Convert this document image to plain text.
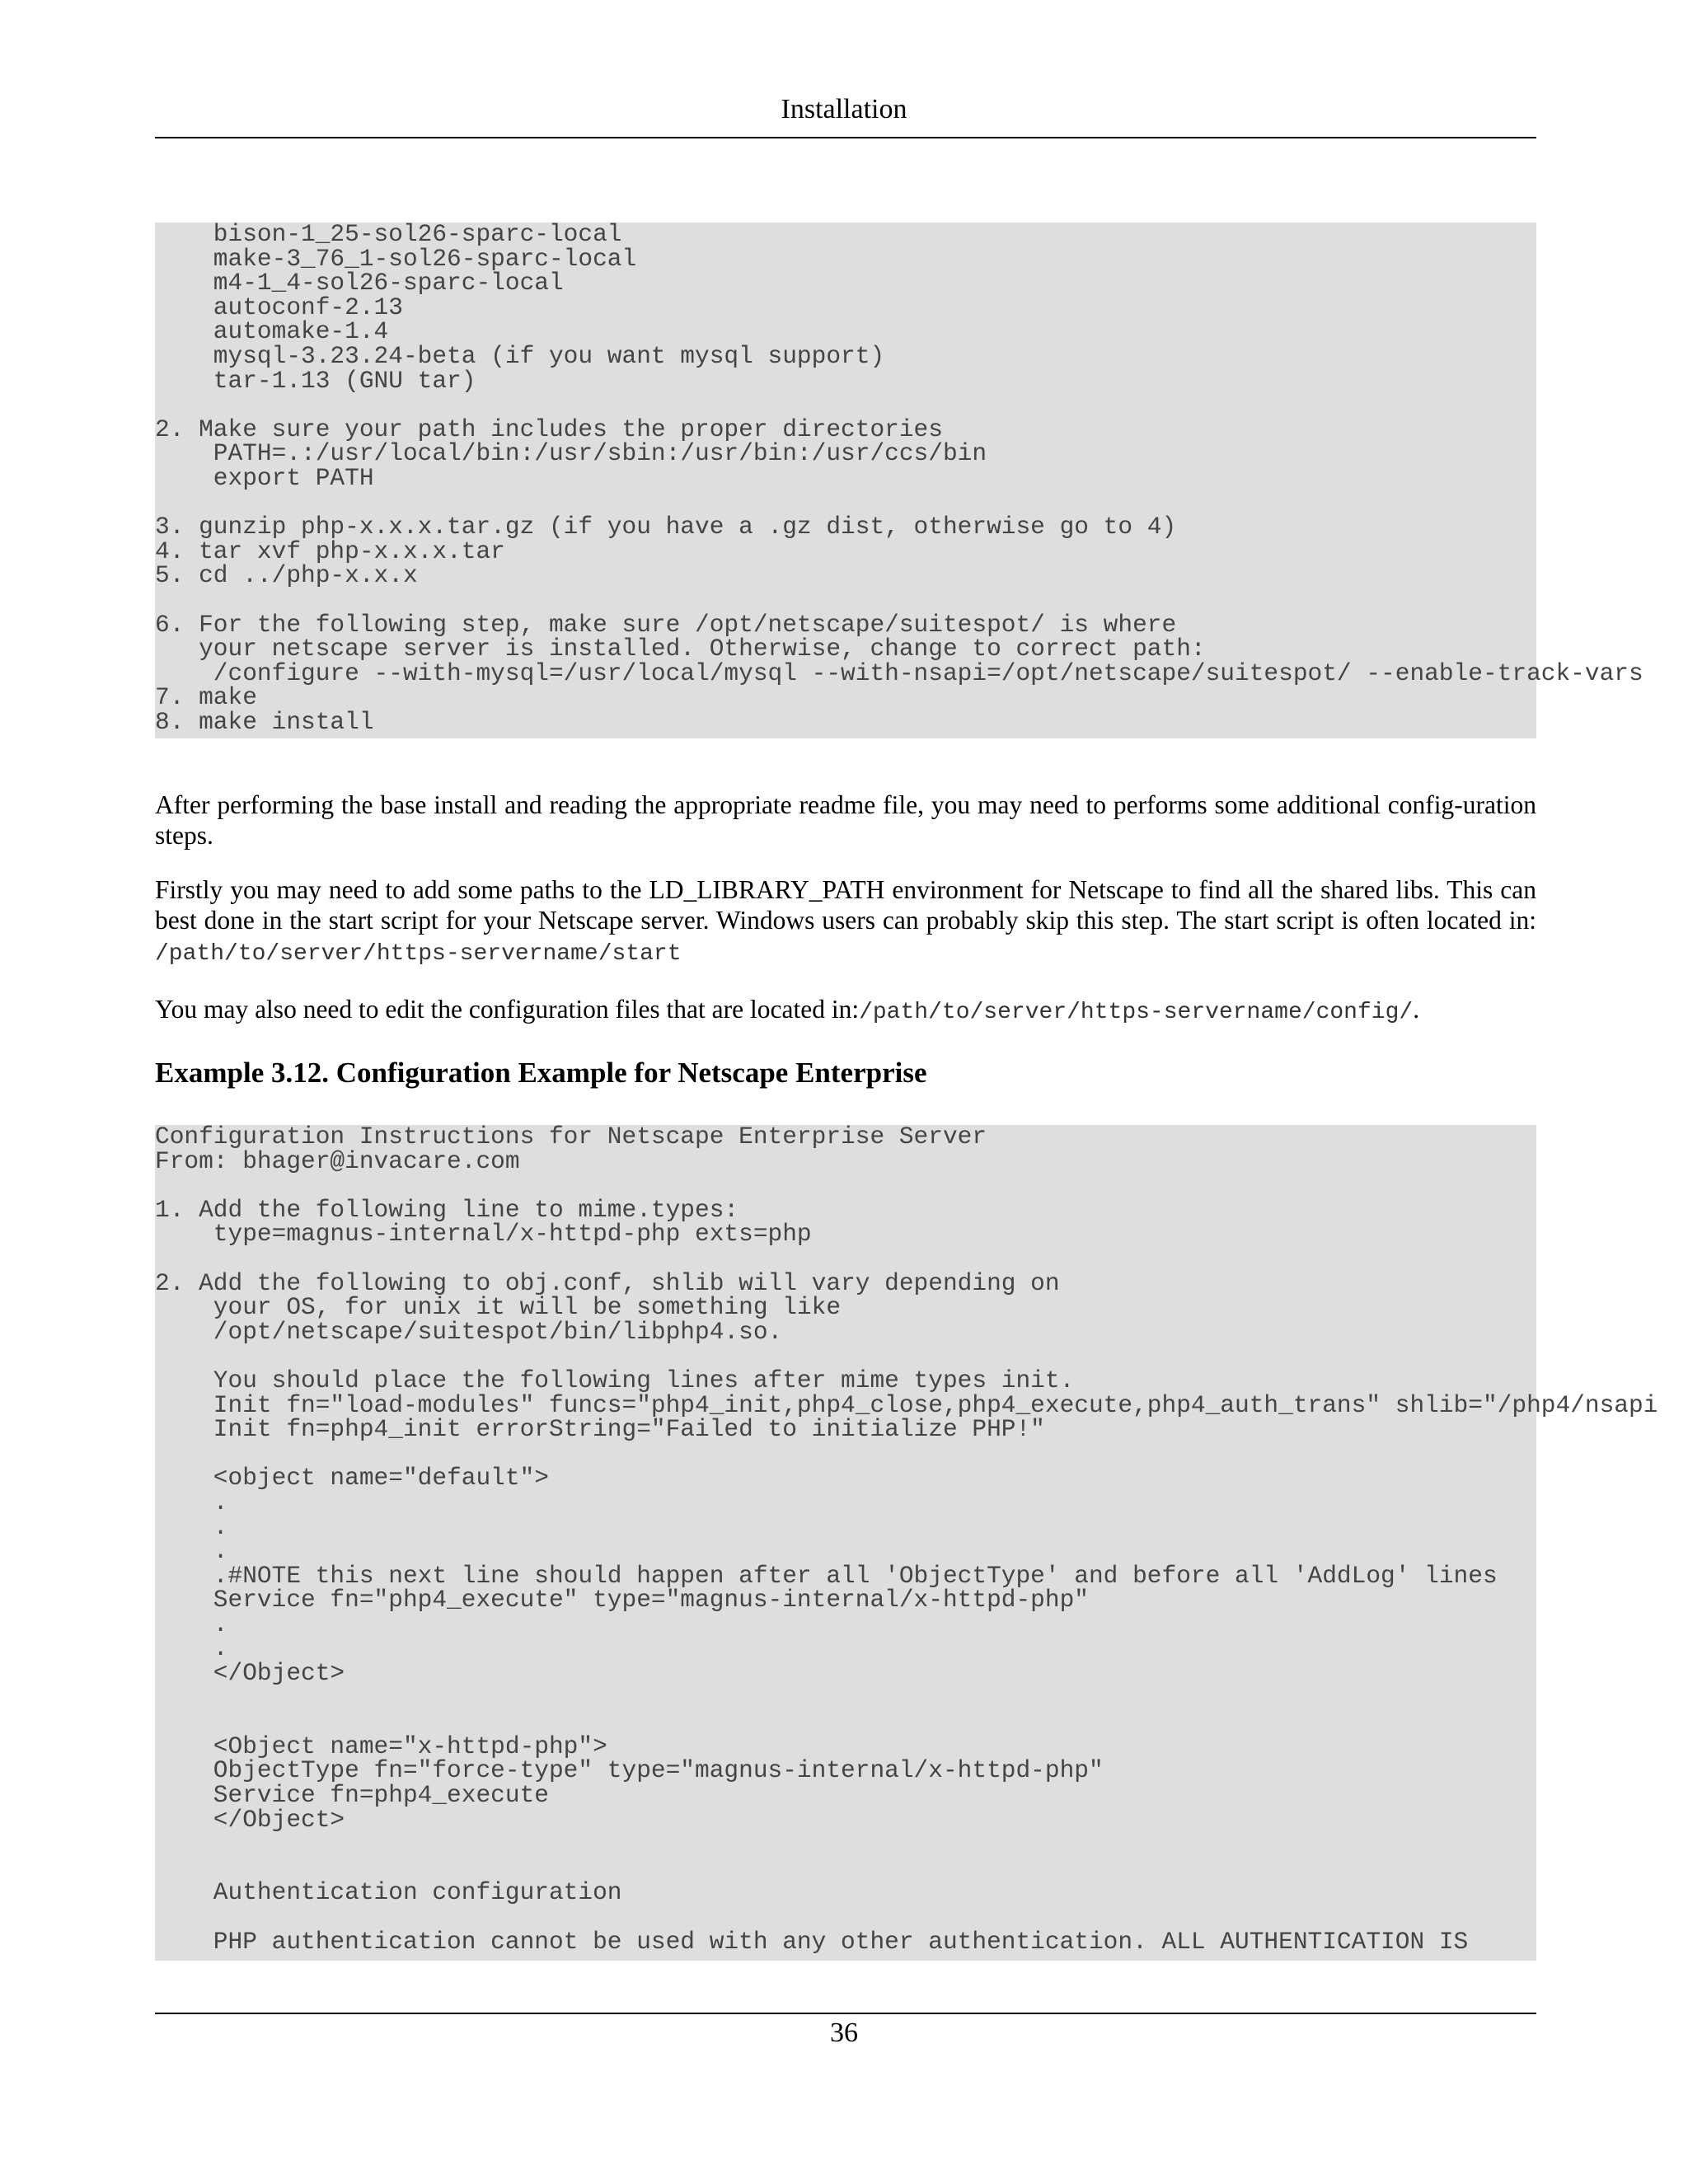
Installation

bison-1_25-sol26-sparc-local
make-3_76_1-sol26-sparc-local
m4-1_4-sol26-sparc-local
autoconf-2.13
automake-1.4
mysql-3.23.24-beta (if you want mysql support)
tar-1.13 (GNU tar)

2. Make sure your path includes the proper directories
PATH=.:/usr/local/bin:/usr/sbin:/usr/bin:/usr/ccs/bin
export PATH

3. gunzip php-x.x.x.tar.gz (if you have a .gz dist, otherwise go to 4)
4. tar xvf php-x.x.x.tar
5. cd ../php-x.x.x

6. For the following step, make sure /opt/netscape/suitespot/ is where
your netscape server is installed. Otherwise, change to correct path:
/configure --with-mysql=/usr/local/mysql --with-nsapi=/opt/netscape/suitespot/ --enable-track-vars
7. make
8. make install

After performing the base install and reading the appropriate readme file, you may need to performs some additional config-uration steps.

Firstly you may need to add some paths to the LD_LIBRARY_PATH environment for Netscape to find all the shared libs. This can best done in the start script for your Netscape server. Windows users can probably skip this step. The start script is often located in: /path/to/server/https-servername/start

You may also need to edit the configuration files that are located in:/path/to/server/https-servername/config/.

Example 3.12. Configuration Example for Netscape Enterprise

Configuration Instructions for Netscape Enterprise Server
From: bhager@invacare.com

1. Add the following line to mime.types:
type=magnus-internal/x-httpd-php exts=php

2. Add the following to obj.conf, shlib will vary depending on
your OS, for unix it will be something like
/opt/netscape/suitespot/bin/libphp4.so.

You should place the following lines after mime types init.
Init fn="load-modules" funcs="php4_init,php4_close,php4_execute,php4_auth_trans" shlib="/php4/nsapi
Init fn=php4_init errorString="Failed to initialize PHP!"

<object name="default">
.
.
.
.#NOTE this next line should happen after all 'ObjectType' and before all 'AddLog' lines
Service fn="php4_execute" type="magnus-internal/x-httpd-php"
.
.
</Object>

<Object name="x-httpd-php">
ObjectType fn="force-type" type="magnus-internal/x-httpd-php"
Service fn=php4_execute
</Object>

Authentication configuration

PHP authentication cannot be used with any other authentication. ALL AUTHENTICATION IS

36
